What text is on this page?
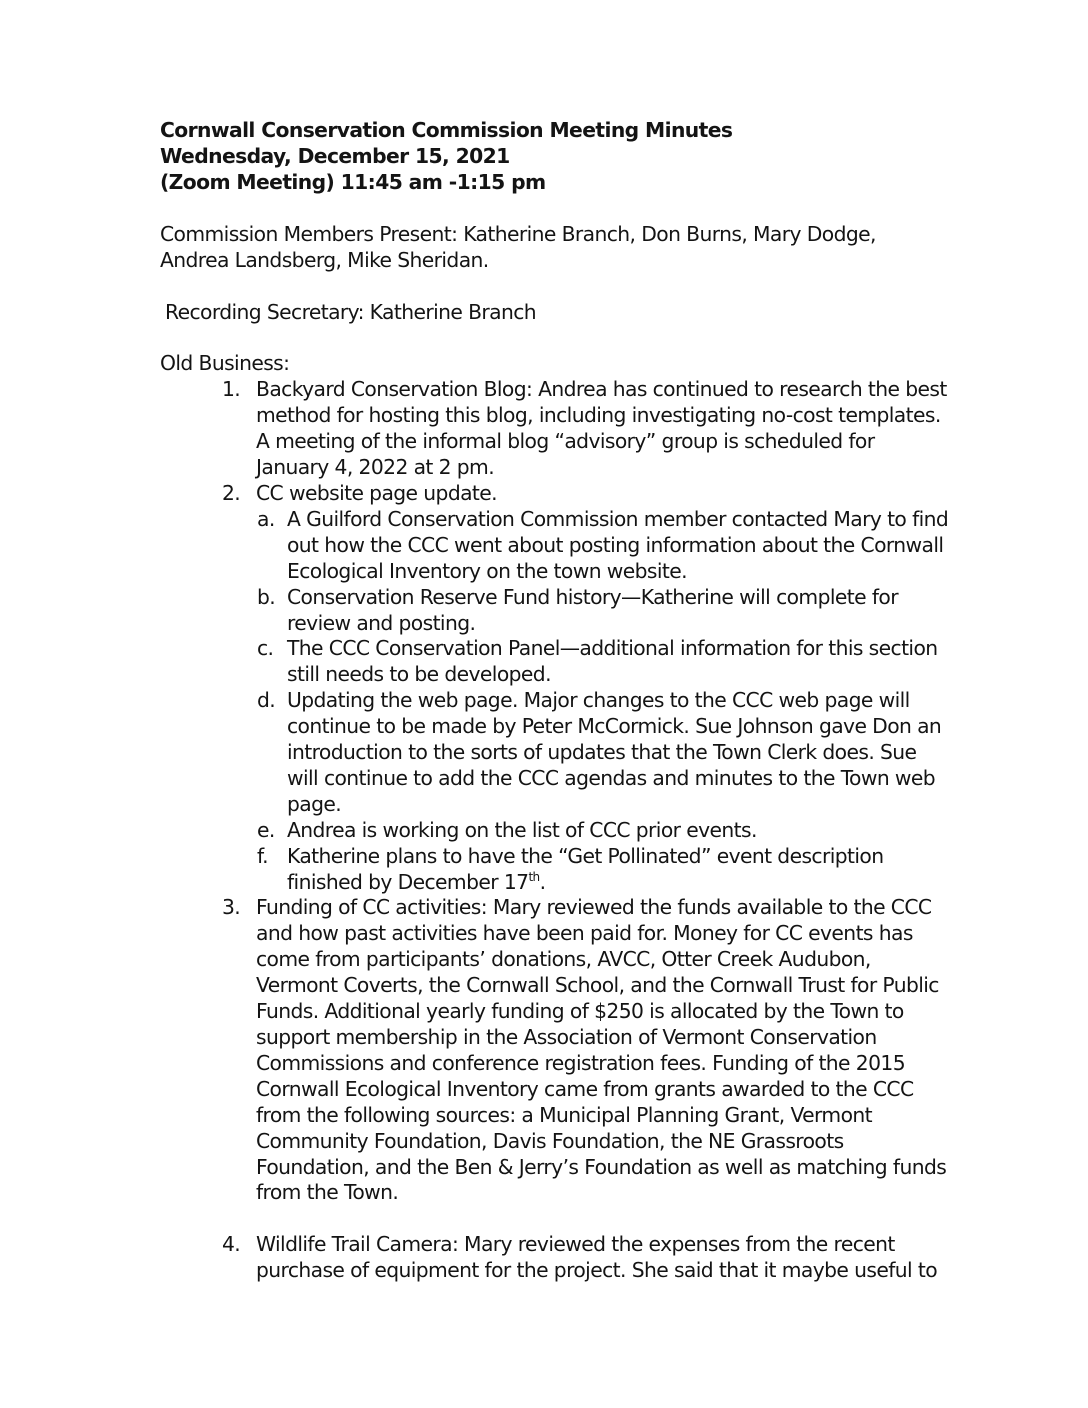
Cornwall Conservation Commission Meeting Minutes
Wednesday, December 15, 2021
(Zoom Meeting) 11:45 am -1:15 pm

Commission Members Present: Katherine Branch, Don Burns, Mary Dodge, Andrea Landsberg, Mike Sheridan.

Recording Secretary: Katherine Branch

Old Business:
1. Backyard Conservation Blog: Andrea has continued to research the best method for hosting this blog, including investigating no-cost templates. A meeting of the informal blog “advisory” group is scheduled for January 4, 2022 at 2 pm.
2. CC website page update.
a. A Guilford Conservation Commission member contacted Mary to find out how the CCC went about posting information about the Cornwall Ecological Inventory on the town website.
b. Conservation Reserve Fund history—Katherine will complete for review and posting.
c. The CCC Conservation Panel—additional information for this section still needs to be developed.
d. Updating the web page. Major changes to the CCC web page will continue to be made by Peter McCormick. Sue Johnson gave Don an introduction to the sorts of updates that the Town Clerk does. Sue will continue to add the CCC agendas and minutes to the Town web page.
e. Andrea is working on the list of CCC prior events.
f. Katherine plans to have the “Get Pollinated” event description finished by December 17th.
3. Funding of CC activities: Mary reviewed the funds available to the CCC and how past activities have been paid for. Money for CC events has come from participants’ donations, AVCC, Otter Creek Audubon, Vermont Coverts, the Cornwall School, and the Cornwall Trust for Public Funds. Additional yearly funding of $250 is allocated by the Town to support membership in the Association of Vermont Conservation Commissions and conference registration fees. Funding of the 2015 Cornwall Ecological Inventory came from grants awarded to the CCC from the following sources: a Municipal Planning Grant, Vermont Community Foundation, Davis Foundation, the NE Grassroots Foundation, and the Ben & Jerry’s Foundation as well as matching funds from the Town.
4. Wildlife Trail Camera: Mary reviewed the expenses from the recent purchase of equipment for the project. She said that it maybe useful to
